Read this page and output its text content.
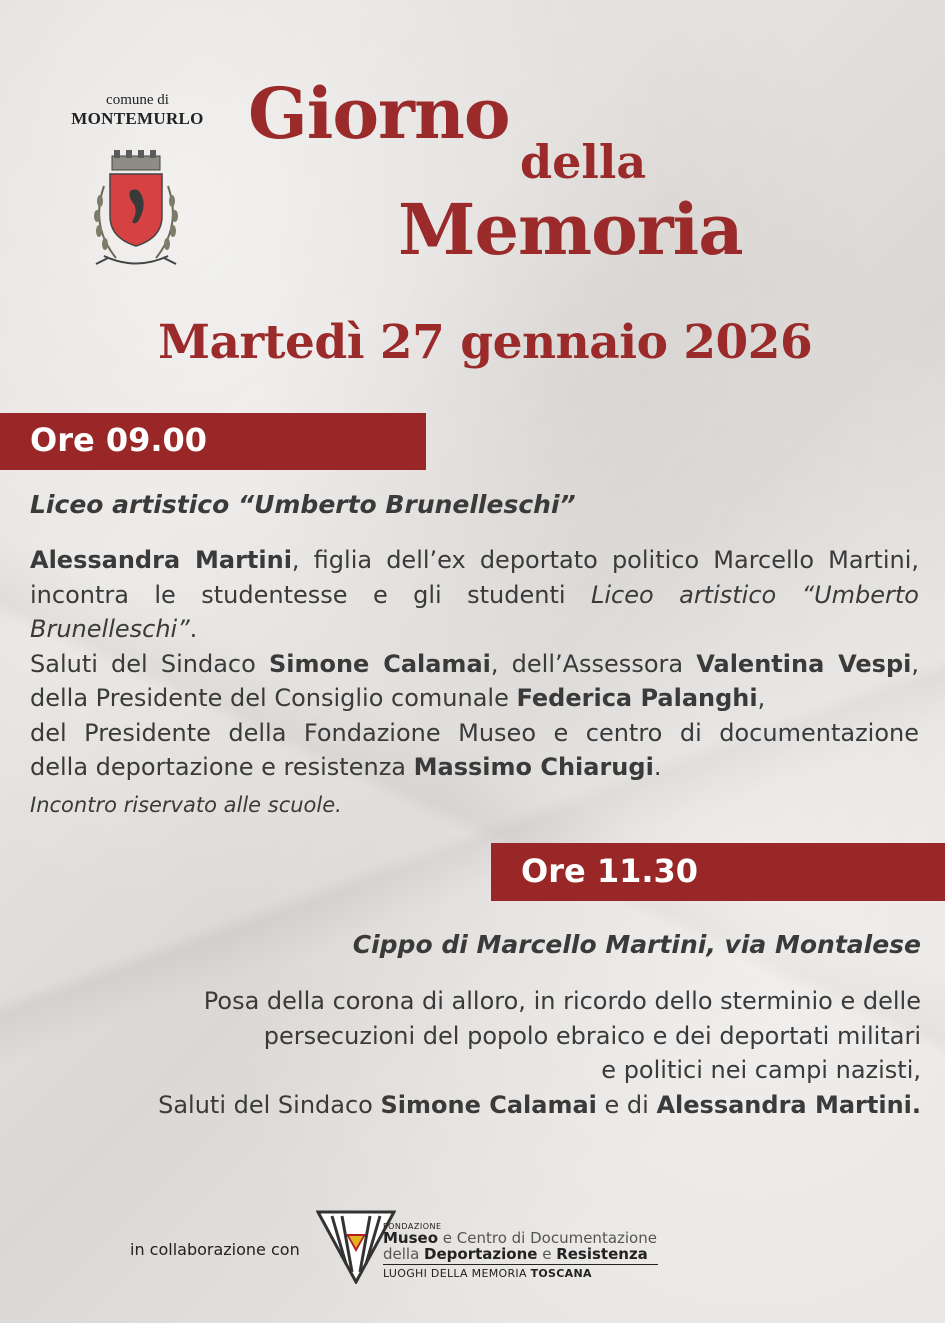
comune di
MONTEMURLO Giorno
della
Memoria
Martedì 27 gennaio 2026
Ore 09.00
Liceo artistico “Umberto Brunelleschi”
Alessandra Martini, figlia dell’ex deportato politico Marcello Martini,
incontra le studentesse e gli studenti Liceo artistico “Umberto
Brunelleschi”.
Saluti del Sindaco Simone Calamai, dell’Assessora Valentina Vespi,
della Presidente del Consiglio comunale Federica Palanghi,
del Presidente della Fondazione Museo e centro di documentazione
della deportazione e resistenza Massimo Chiarugi.
Incontro riservato alle scuole.
Ore 11.30
Cippo di Marcello Martini, via Montalese
Posa della corona di alloro, in ricordo dello sterminio e delle
persecuzioni del popolo ebraico e dei deportati militari
e politici nei campi nazisti,
Saluti del Sindaco Simone Calamai e di Alessandra Martini.
in collaborazione con
FONDAZIONE
Museo e Centro di Documentazione
della Deportazione e Resistenza
LUOGHI DELLA MEMORIA TOSCANA
